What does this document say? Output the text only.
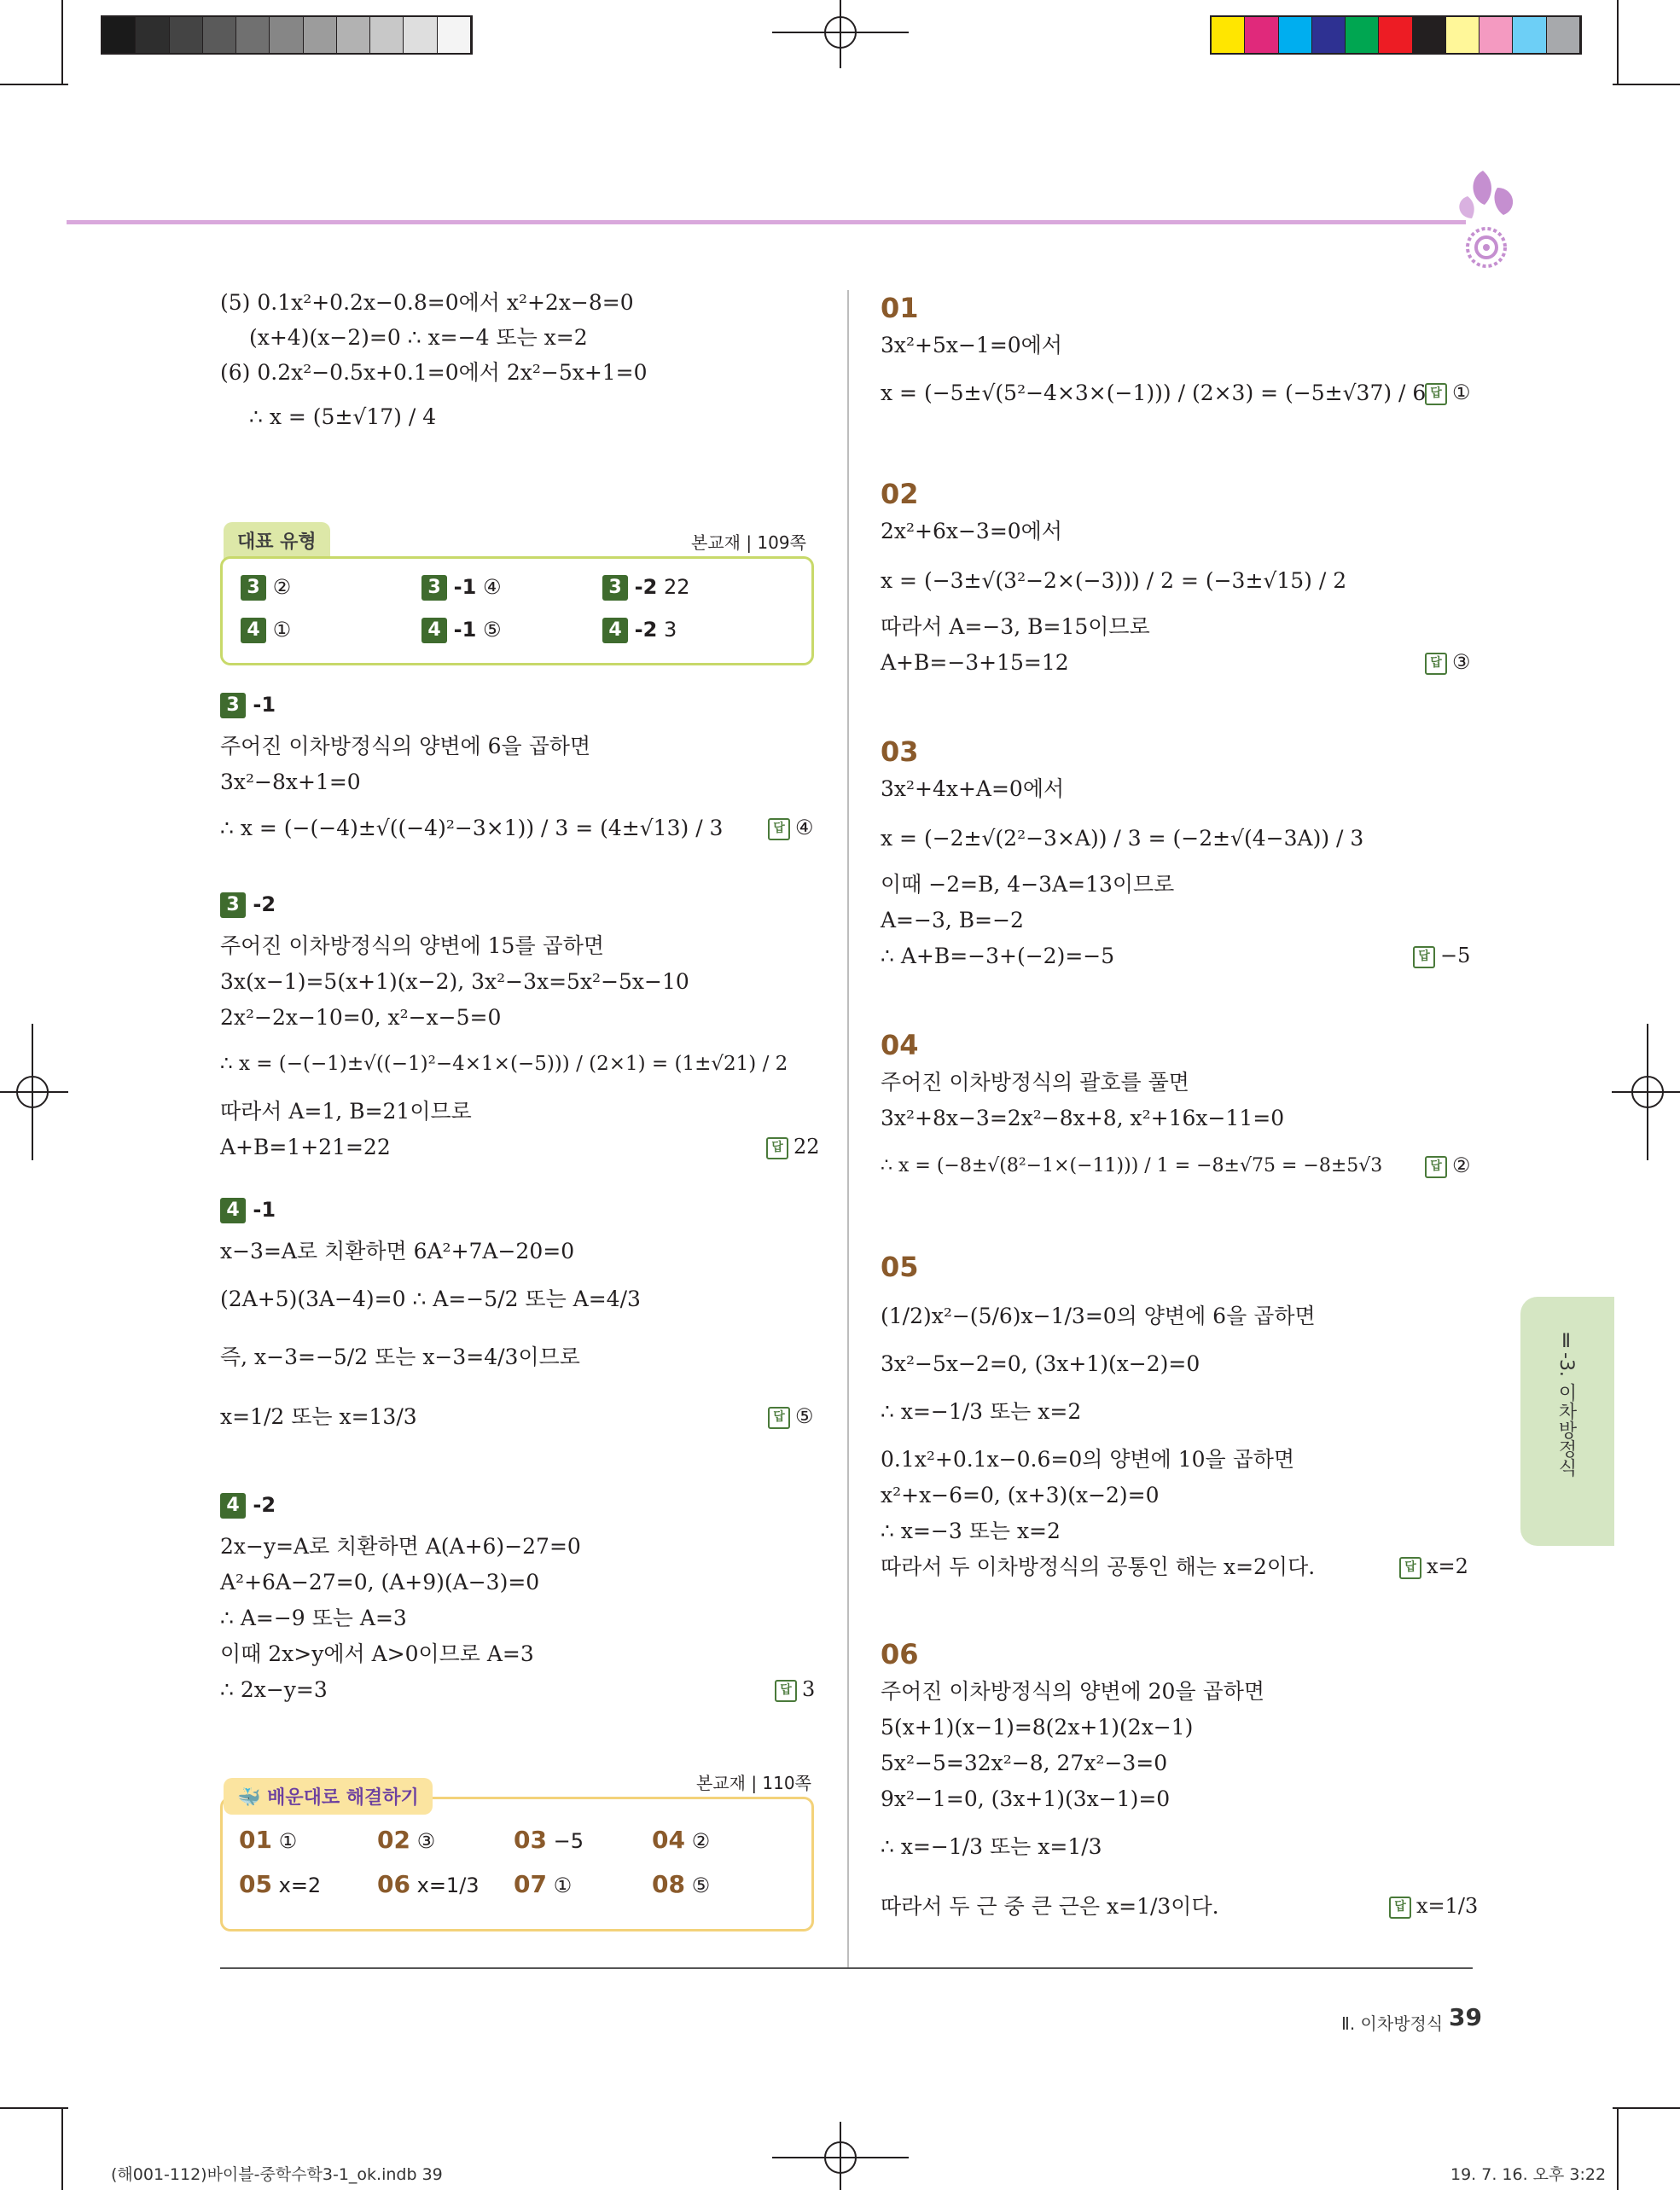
(5) 0.1x²+0.2x−0.8=0에서 x²+2x−8=0
(x+4)(x−2)=0 ∴ x=−4 또는 x=2
(6) 0.2x²−0.5x+0.1=0에서 2x²−5x+1=0
∴ x = (5±√17) / 4
대표 유형	본교재 | 109쪽
3 ②	3 -1 ④	3 -2 22
4 ①	4 -1 ⑤	4 -2 3
3 -1
주어진 이차방정식의 양변에 6을 곱하면
3x²−8x+1=0
∴ x = (−(−4)±√((−4)²−3×1)) / 3 = (4±√13) / 3	답 ④
3 -2
주어진 이차방정식의 양변에 15를 곱하면
3x(x−1)=5(x+1)(x−2), 3x²−3x=5x²−5x−10
2x²−2x−10=0, x²−x−5=0
∴ x = (−(−1)±√((−1)²−4×1×(−5))) / (2×1) = (1±√21) / 2
따라서 A=1, B=21이므로
A+B=1+21=22	답 22
4 -1
x−3=A로 치환하면 6A²+7A−20=0
(2A+5)(3A−4)=0 ∴ A=−5/2 또는 A=4/3
즉, x−3=−5/2 또는 x−3=4/3이므로
x=1/2 또는 x=13/3	답 ⑤
4 -2
2x−y=A로 치환하면 A(A+6)−27=0
A²+6A−27=0, (A+9)(A−3)=0
∴ A=−9 또는 A=3
이때 2x>y에서 A>0이므로 A=3
∴ 2x−y=3	답 3
본교재 | 110쪽
🐳 배운대로 해결하기
01 ①	02 ③	03 −5	04 ②
05 x=2 06 x=1/3 07 ①	08 ⑤
01
3x²+5x−1=0에서
x = (−5±√(5²−4×3×(−1))) / (2×3) = (−5±√37) / 6 답 ①
02
2x²+6x−3=0에서
x = (−3±√(3²−2×(−3))) / 2 = (−3±√15) / 2
따라서 A=−3, B=15이므로
A+B=−3+15=12	답 ③
03
3x²+4x+A=0에서
x = (−2±√(2²−3×A)) / 3 = (−2±√(4−3A)) / 3
이때 −2=B, 4−3A=13이므로
A=−3, B=−2
∴ A+B=−3+(−2)=−5	답 −5
04
주어진 이차방정식의 괄호를 풀면
3x²+8x−3=2x²−8x+8, x²+16x−11=0
∴ x = (−8±√(8²−1×(−11))) / 1 = −8±√75 = −8±5√3	답 ②
05
(1/2)x²−(5/6)x−1/3=0의 양변에 6을 곱하면
3x²−5x−2=0, (3x+1)(x−2)=0
∴ x=−1/3 또는 x=2
0.1x²+0.1x−0.6=0의 양변에 10을 곱하면
x²+x−6=0, (x+3)(x−2)=0
∴ x=−3 또는 x=2
따라서 두 이차방정식의 공통인 해는 x=2이다.	답 x=2
06
주어진 이차방정식의 양변에 20을 곱하면
5(x+1)(x−1)=8(2x+1)(2x−1)
5x²−5=32x²−8, 27x²−3=0
9x²−1=0, (3x+1)(3x−1)=0
∴ x=−1/3 또는 x=1/3
따라서 두 근 중 큰 근은 x=1/3이다.	답 x=1/3
Ⅱ-3. 이차방정식
Ⅱ. 이차방정식 39
(해001-112)바이블-중학수학3-1_ok.indb 39	19. 7. 16. 오후 3:22
